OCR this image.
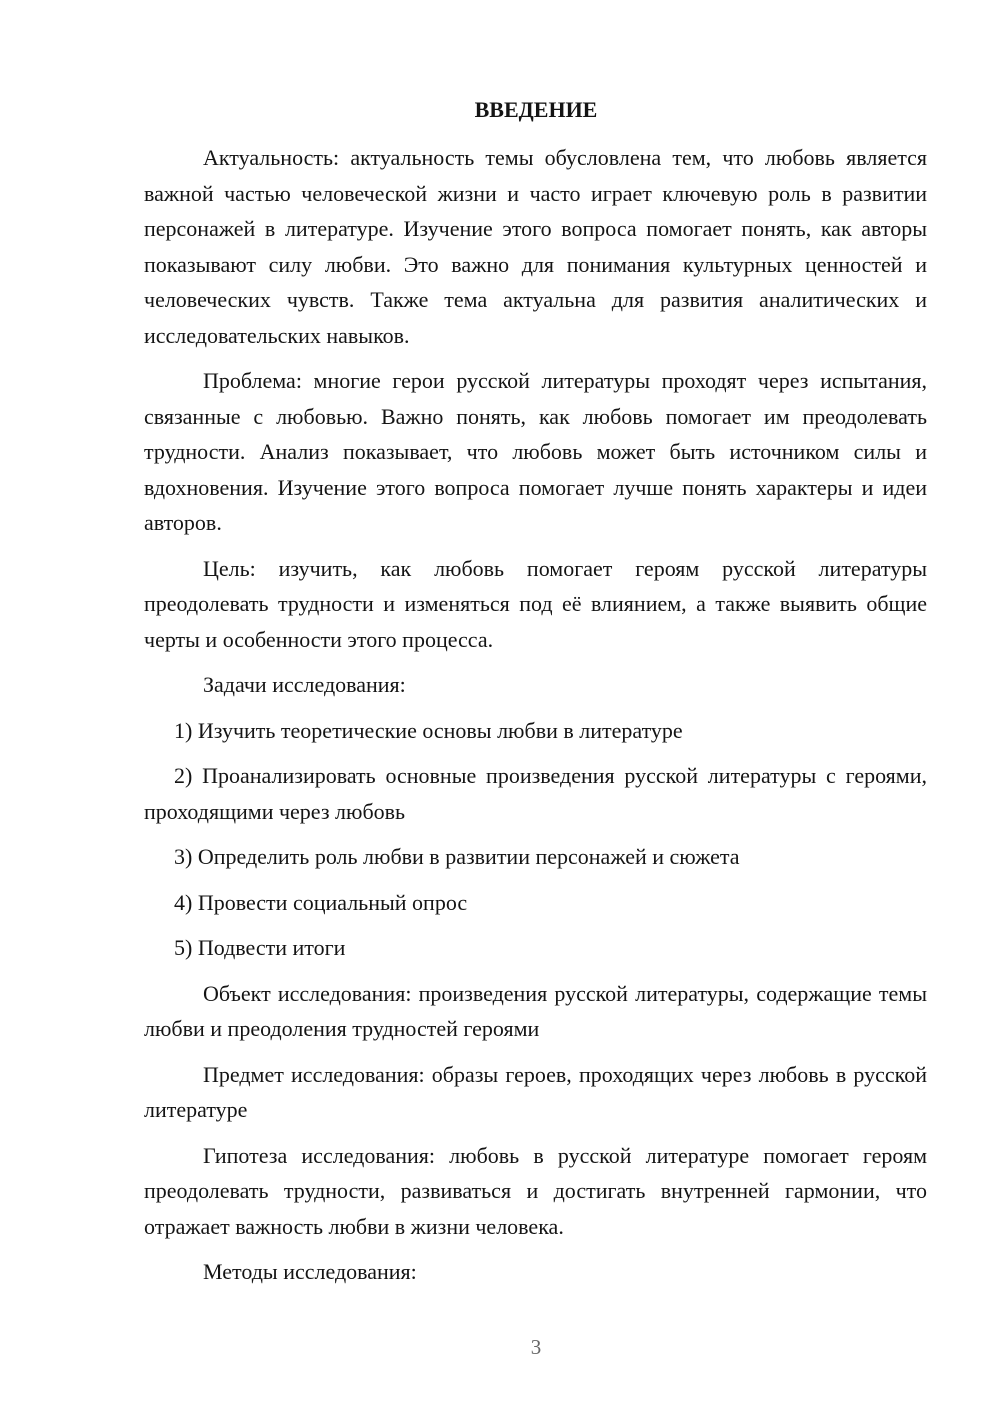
ВВЕДЕНИЕ

Актуальность: актуальность темы обусловлена тем, что любовь является важной частью человеческой жизни и часто играет ключевую роль в развитии персонажей в литературе. Изучение этого вопроса помогает понять, как авторы показывают силу любви. Это важно для понимания культурных ценностей и человеческих чувств. Также тема актуальна для развития аналитических и исследовательских навыков.

Проблема: многие герои русской литературы проходят через испытания, связанные с любовью. Важно понять, как любовь помогает им преодолевать трудности. Анализ показывает, что любовь может быть источником силы и вдохновения. Изучение этого вопроса помогает лучше понять характеры и идеи авторов.

Цель: изучить, как любовь помогает героям русской литературы преодолевать трудности и изменяться под её влиянием, а также выявить общие черты и особенности этого процесса.

Задачи исследования:

1) Изучить теоретические основы любви в литературе

2) Проанализировать основные произведения русской литературы с героями, проходящими через любовь

3) Определить роль любви в развитии персонажей и сюжета

4) Провести социальный опрос

5) Подвести итоги

Объект исследования: произведения русской литературы, содержащие темы любви и преодоления трудностей героями

Предмет исследования: образы героев, проходящих через любовь в русской литературе

Гипотеза исследования: любовь в русской литературе помогает героям преодолевать трудности, развиваться и достигать внутренней гармонии, что отражает важность любви в жизни человека.

Методы исследования:

3
